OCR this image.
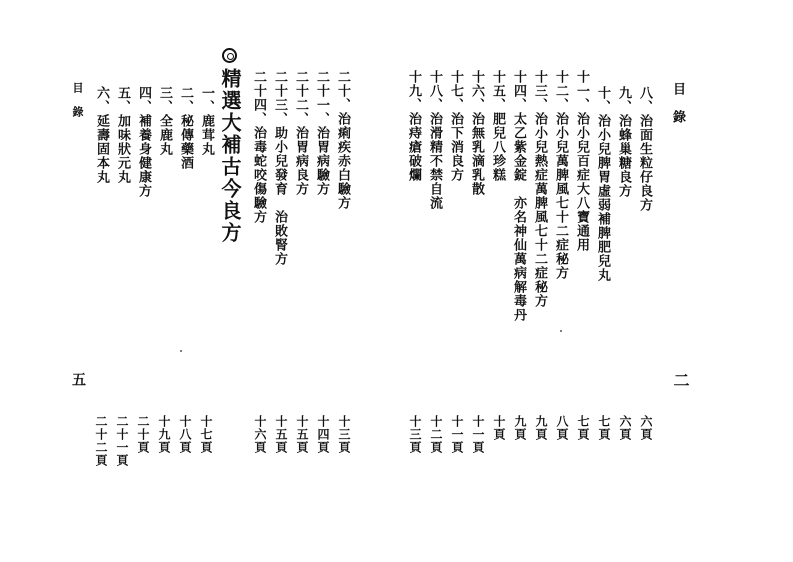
目　錄
二
八、治面生粒仔良方
九、治蜂巢糖良方
十、治小兒脾胃虛弱補脾肥兒丸
十一、治小兒百症大八寶通用
十二、治小兒萬脾風七十二症秘方
十三、治小兒熱症萬脾風七十二症秘方
十四、太乙紫金錠　亦名神仙萬病解毒丹
十五、肥兒八珍糕
十六、治無乳滴乳散
十七、治下消良方
十八、治滑精不禁自流
十九、治痔瘡破爛
六頁
六頁
七頁
七頁
八頁
九頁
九頁
十頁
十一頁
十一頁
十二頁
十三頁
二十、治痢疾赤白驗方
二十一、治胃病驗方
二十二、治胃病良方
二十三、助小兒發育　治敗腎方
二十四、治毒蛇咬傷驗方
精選大補古今良方
一、鹿茸丸
二、秘傳藥酒
三、全鹿丸
四、補養身健康方
五、加味狀元丸
六、延壽固本丸
十三頁
十四頁
十五頁
十五頁
十六頁
十七頁
十八頁
十九頁
二十頁
二十一頁
二十二頁
目　錄
五
